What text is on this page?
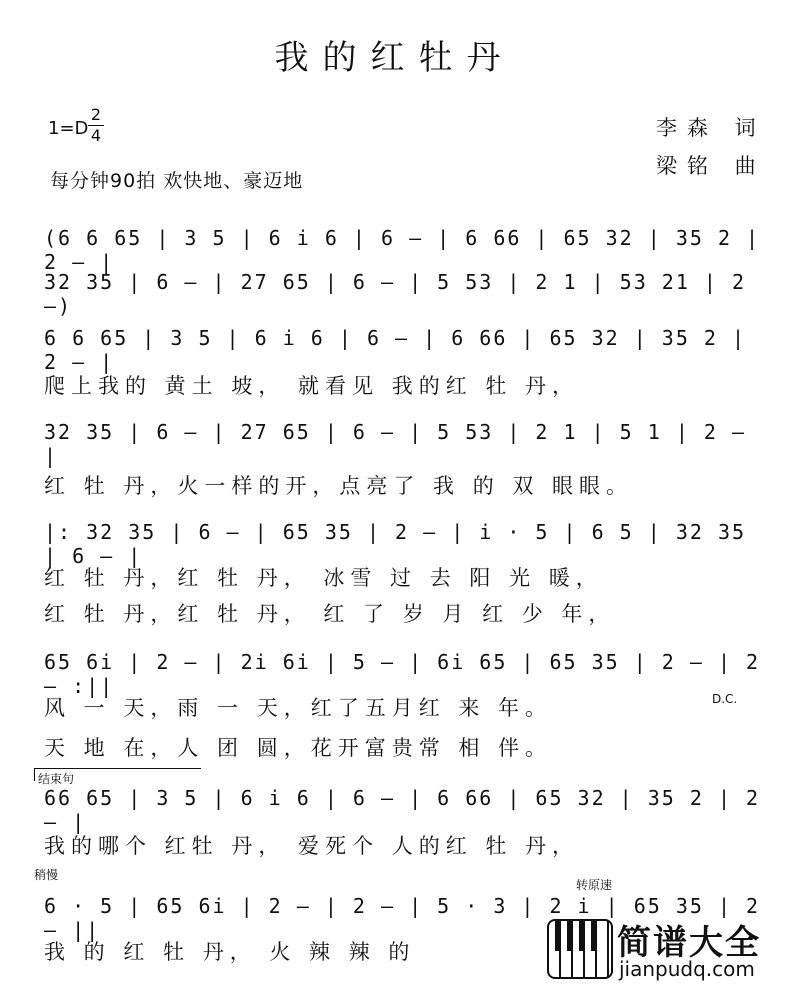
我的红牡丹
1=D
2
4
每分钟90拍 欢快地、豪迈地
李森 词
梁铭 曲
(6 6 65 | 3 5 | 6 i 6 | 6 — | 6 66 | 65 32 | 35 2 | 2 — |
32 35 | 6 — | 27 65 | 6 — | 5 53 | 2 1 | 53 21 | 2 —)
6 6 65 | 3 5 | 6 i 6 | 6 — | 6 66 | 65 32 | 35 2 | 2 — |
爬上我的 黄土 坡， 就看见 我的红 牡 丹，
32 35 | 6 — | 27 65 | 6 — | 5 53 | 2 1 | 5 1 | 2 — |
红 牡 丹，火一样的开，点亮了 我 的 双 眼眼。
|: 32 35 | 6 — | 65 35 | 2 — | i · 5 | 6 5 | 32 35 | 6 — |
红 牡 丹，红 牡 丹， 冰雪 过 去 阳 光 暖，
红 牡 丹，红 牡 丹， 红 了 岁 月 红 少 年，
65 6i | 2 — | 2i 6i | 5 — | 6i 65 | 65 35 | 2 — | 2 — :||
风 一 天，雨 一 天，红了五月红 来 年。
天 地 在，人 团 圆，花开富贵常 相 伴。
D.C.
结束句
66 65 | 3 5 | 6 i 6 | 6 — | 6 66 | 65 32 | 35 2 | 2 — |
我的哪个 红牡 丹， 爱死个 人的红 牡 丹，
稍慢
转原速
6 · 5 | 65 6i | 2 — | 2 — | 5 · 3 | 2 i | 65 35 | 2 — ||
我 的 红 牡 丹， 火 辣 辣 的	简谱大全
jianpudq.com
